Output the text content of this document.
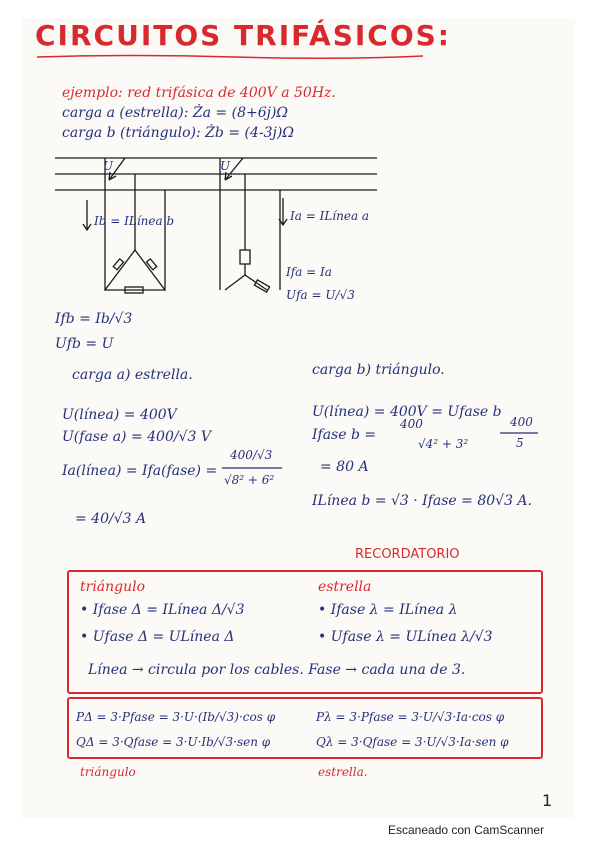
CIRCUITOS TRIFÁSICOS:
ejemplo: red trifásica de 400V a 50Hz.
carga a (estrella): Ża = (8+6j)Ω
carga b (triángulo): Żb = (4-3j)Ω
U	U
Ib = ILínea b	Ia = ILínea a
Ifa = Ia
Ufa = U/√3
Ifb = Ib/√3
Ufb = U
carga a) estrella.
U(línea) = 400V
U(fase a) = 400/√3 V
Ia(línea) = Ifa(fase) =
400/√3
√8² + 6²
= 40/√3 A
carga b) triángulo.
U(línea) = 400V = Ufase b
Ifase b =
400
√4² + 3²
400
5
= 80 A
ILínea b = √3 · Ifase = 80√3 A.
RECORDATORIO
triángulo
• Ifase Δ = ILínea Δ/√3
• Ufase Δ = ULínea Δ
estrella
• Ifase λ = ILínea λ
• Ufase λ = ULínea λ/√3
Línea → circula por los cables. Fase → cada una de 3.
PΔ = 3·Pfase = 3·U·(Ib/√3)·cos φ	Pλ = 3·Pfase = 3·U/√3·Ia·cos φ
QΔ = 3·Qfase = 3·U·Ib/√3·sen φ	Qλ = 3·Qfase = 3·U/√3·Ia·sen φ
triángulo	estrella.
1
Escaneado con CamScanner
